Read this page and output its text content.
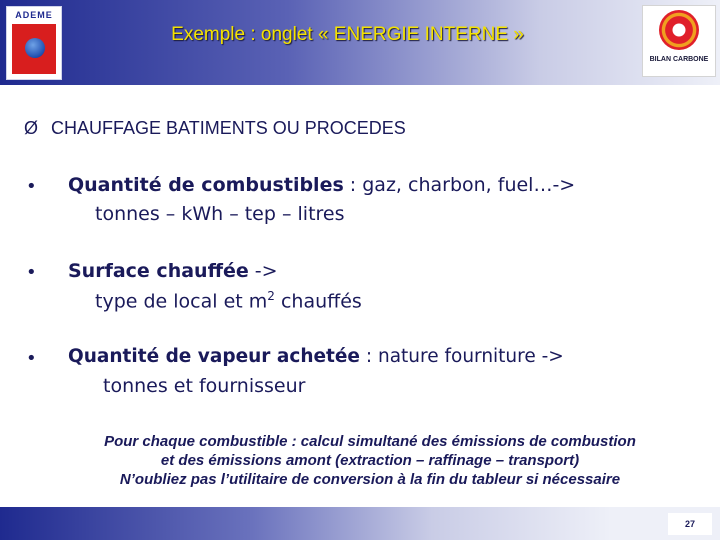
ADEME
Exemple : onglet « ENERGIE INTERNE »
BILAN CARBONE
Ø CHAUFFAGE BATIMENTS OU PROCEDES
• Quantité de combustibles : gaz, charbon, fuel…->
tonnes – kWh – tep – litres
• Surface chauffée ->
type de local et $m^2$ chauffés
• Quantité de vapeur achetée : nature fourniture ->
tonnes et fournisseur
Pour chaque combustible : calcul simultané des émissions de combustion
et des émissions amont (extraction – raffinage – transport)
N’oubliez pas l’utilitaire de conversion à la fin du tableur si nécessaire
27
